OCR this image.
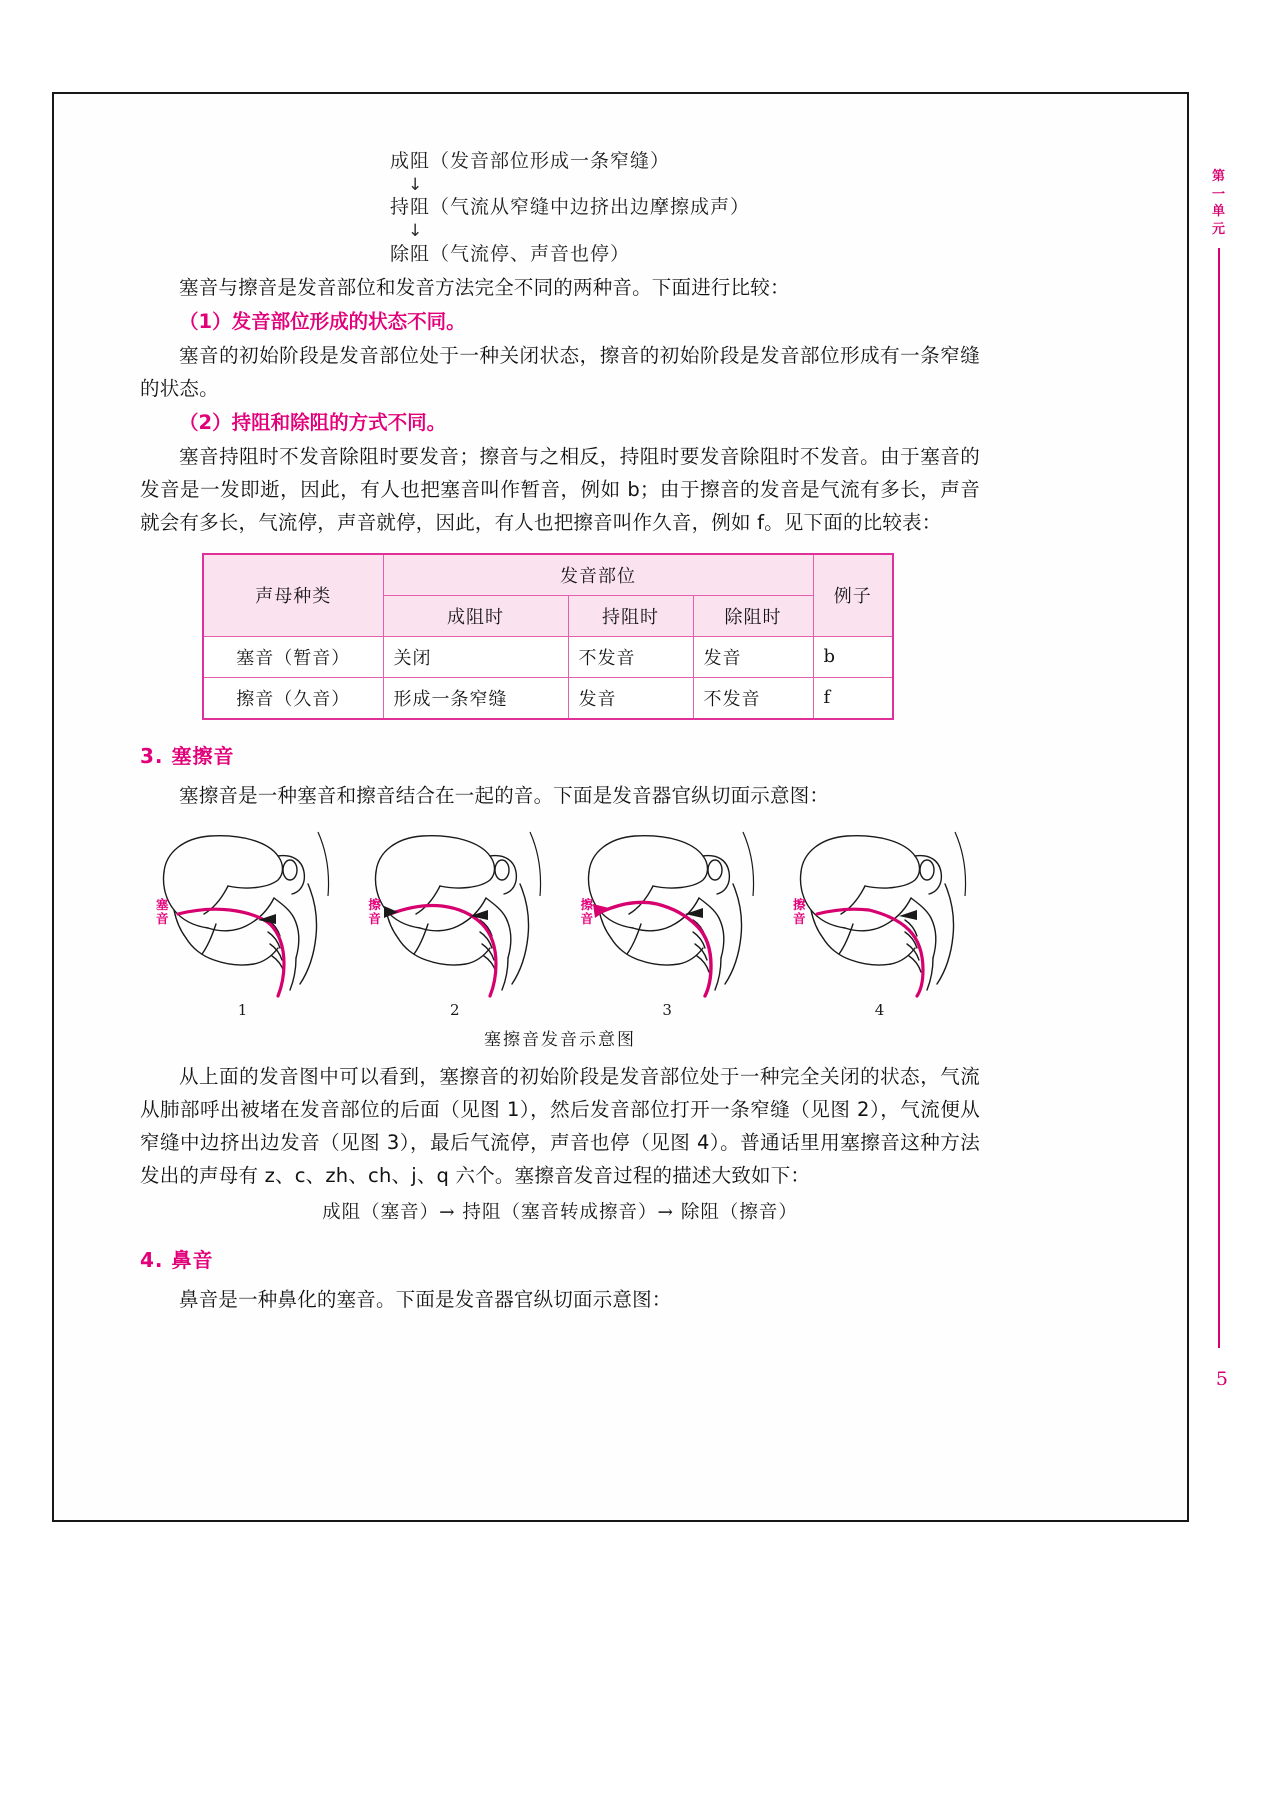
第
一
单
元
5
成阻（发音部位形成一条窄缝）
↓
持阻（气流从窄缝中边挤出边摩擦成声）
↓
除阻（气流停、声音也停）

塞音与擦音是发音部位和发音方法完全不同的两种音。下面进行比较：

（1）发音部位形成的状态不同。

塞音的初始阶段是发音部位处于一种关闭状态，擦音的初始阶段是发音部位形成有一条窄缝的状态。

（2）持阻和除阻的方式不同。

塞音持阻时不发音除阻时要发音；擦音与之相反，持阻时要发音除阻时不发音。由于塞音的发音是一发即逝，因此，有人也把塞音叫作暂音，例如 b；由于擦音的发音是气流有多长，声音就会有多长，气流停，声音就停，因此，有人也把擦音叫作久音，例如 f。见下面的比较表：

声母种类	发音部位			例子
	成阻时	持阻时	除阻时	
塞音（暂音）	关闭	不发音	发音	b
擦音（久音）	形成一条窄缝	发音	不发音	f
3. 塞擦音

塞擦音是一种塞音和擦音结合在一起的音。下面是发音器官纵切面示意图：

塞
音
擦
音
擦
音
擦
音
1	2	3	4
塞擦音发音示意图

从上面的发音图中可以看到，塞擦音的初始阶段是发音部位处于一种完全关闭的状态，气流从肺部呼出被堵在发音部位的后面（见图 1），然后发音部位打开一条窄缝（见图 2），气流便从窄缝中边挤出边发音（见图 3），最后气流停，声音也停（见图 4）。普通话里用塞擦音这种方法发出的声母有 z、c、zh、ch、j、q 六个。塞擦音发音过程的描述大致如下：

成阻（塞音）→ 持阻（塞音转成擦音）→ 除阻（擦音）
4. 鼻音

鼻音是一种鼻化的塞音。下面是发音器官纵切面示意图：
